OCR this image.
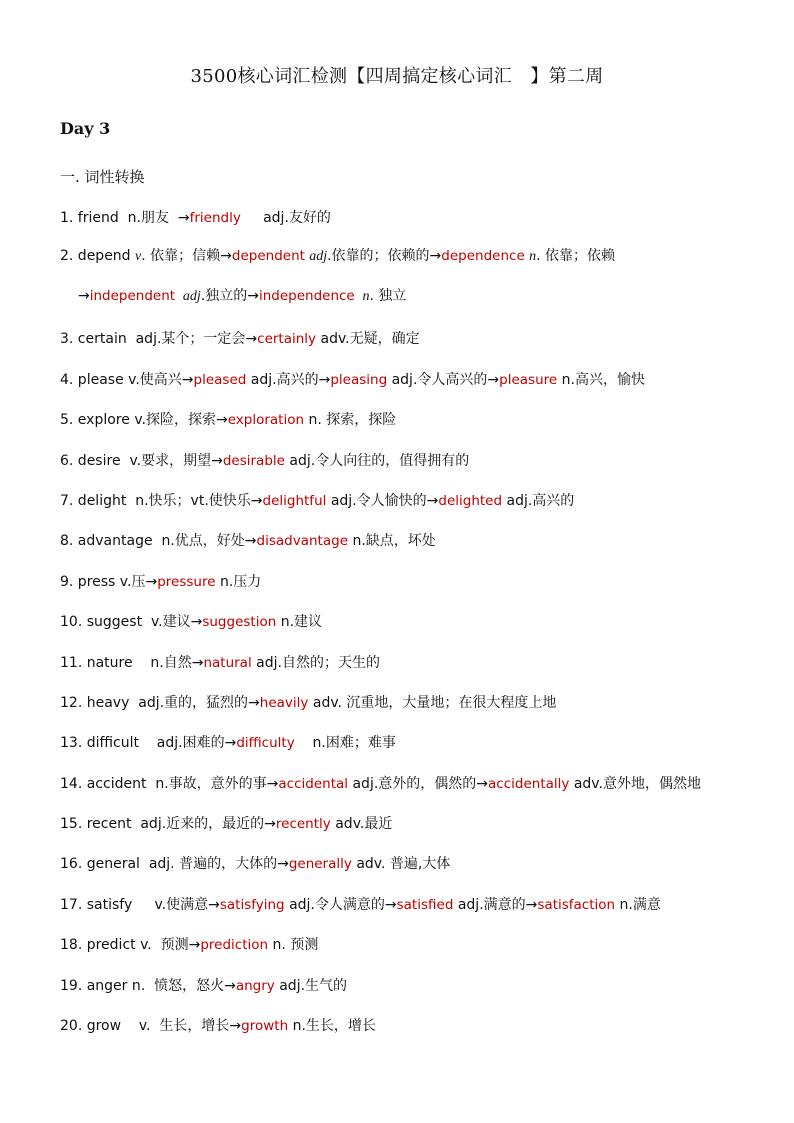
3500核心词汇检测【四周搞定核心词汇　】第二周
Day 3
一. 词性转换
1. friend  n.朋友  →friendly     adj.友好的
2. depend v. 依靠；信赖→dependent adj.依靠的；依赖的→dependence n. 依靠；依赖
→independent  adj.独立的→independence  n. 独立
3. certain  adj.某个；一定会→certainly adv.无疑，确定
4. please v.使高兴→pleased adj.高兴的→pleasing adj.令人高兴的→pleasure n.高兴，愉快
5. explore v.探险，探索→exploration n. 探索，探险
6. desire  v.要求，期望→desirable adj.令人向往的，值得拥有的
7. delight  n.快乐；vt.使快乐→delightful adj.令人愉快的→delighted adj.高兴的
8. advantage  n.优点，好处→disadvantage n.缺点，坏处
9. press v.压→pressure n.压力
10. suggest  v.建议→suggestion n.建议
11. nature    n.自然→natural adj.自然的；天生的
12. heavy  adj.重的，猛烈的→heavily adv. 沉重地，大量地；在很大程度上地
13. difficult    adj.困难的→difficulty    n.困难；难事
14. accident  n.事故，意外的事→accidental adj.意外的，偶然的→accidentally adv.意外地，偶然地
15. recent  adj.近来的，最近的→recently adv.最近
16. general  adj. 普遍的，大体的→generally adv. 普遍,大体
17. satisfy     v.使满意→satisfying adj.令人满意的→satisfied adj.满意的→satisfaction n.满意
18. predict v.  预测→prediction n. 预测
19. anger n.  愤怒，怒火→angry adj.生气的
20. grow    v.  生长，增长→growth n.生长，增长
